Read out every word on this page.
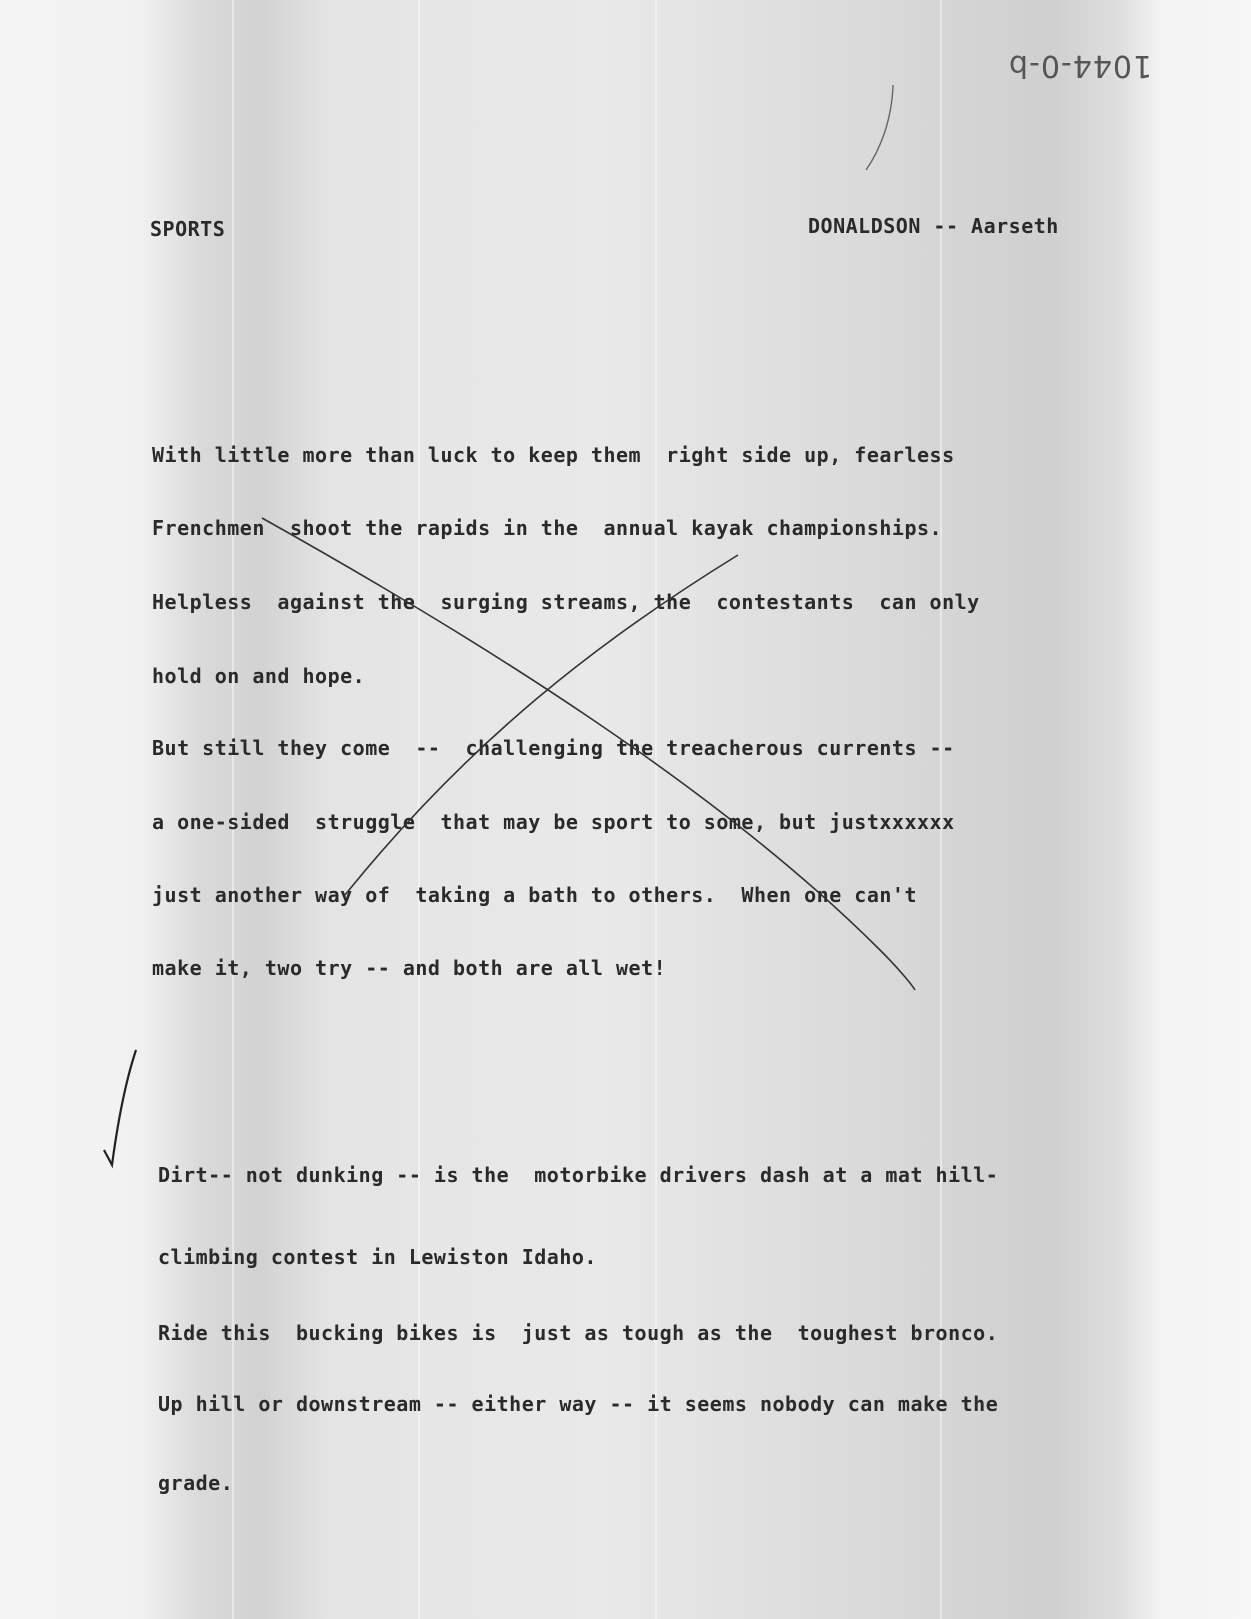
1044-0-b
SPORTS	DONALDSON -- Aarseth
With little more than luck to keep them  right side up, fearless
Frenchmen  shoot the rapids in the  annual kayak championships.
Helpless  against the  surging streams, the  contestants  can only
hold on and hope.
But still they come  --  challenging the treacherous currents --
a one-sided  struggle  that may be sport to some, but justxxxxxx
just another way of  taking a bath to others.  When one can't
make it, two try -- and both are all wet!
Dirt-- not dunking -- is the  motorbike drivers dash at a mat hill-
climbing contest in Lewiston Idaho.
Ride this  bucking bikes is  just as tough as the  toughest bronco.
Up hill or downstream -- either way -- it seems nobody can make the
grade.
